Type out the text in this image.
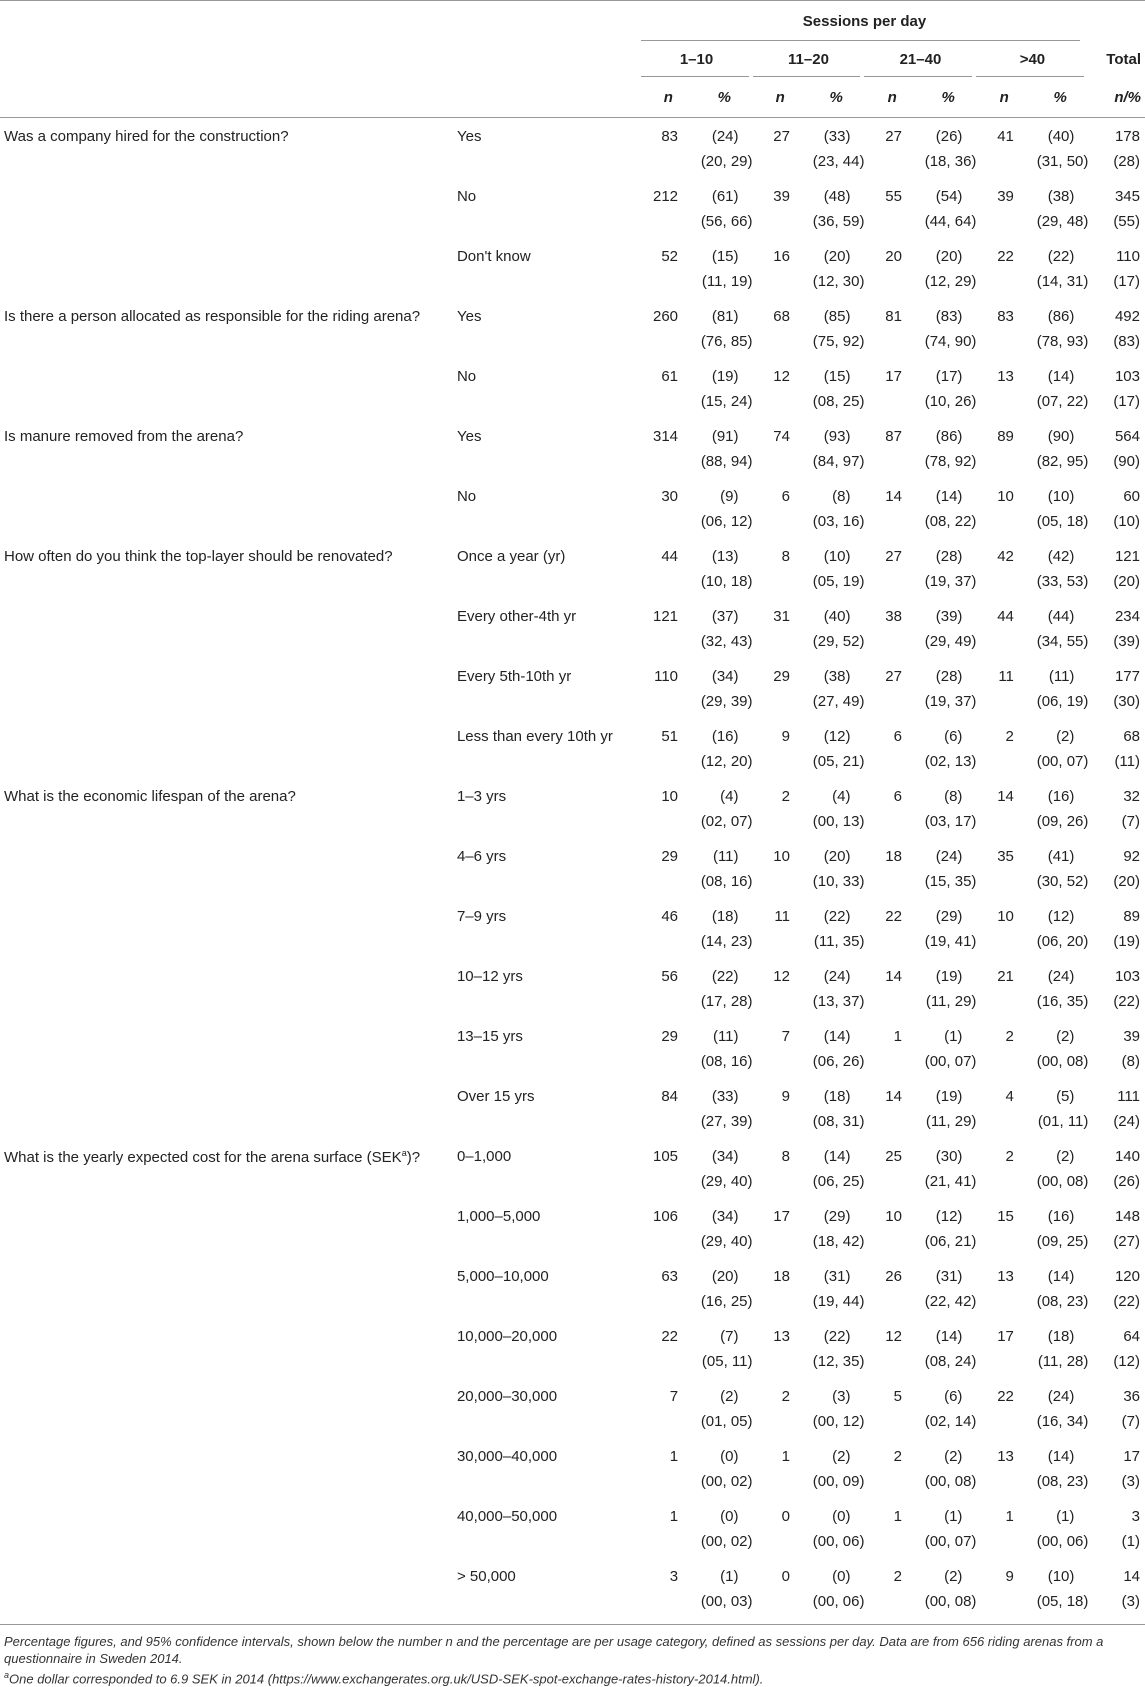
		Sessions per day								
		1–10		11–20		21–40		>40		Total
		n	%	n	%	n	%	n	%	n/%
Was a company hired for the construction?	Yes	83	(24)	27	(33)	27	(26)	41	(40)	178
		(20, 29)		(23, 44)		(18, 36)		(31, 50)		(28)
	No	212	(61)	39	(48)	55	(54)	39	(38)	345
		(56, 66)		(36, 59)		(44, 64)		(29, 48)		(55)
	Don't know	52	(15)	16	(20)	20	(20)	22	(22)	110
		(11, 19)		(12, 30)		(12, 29)		(14, 31)		(17)
Is there a person allocated as responsible for the riding arena?	Yes	260	(81)	68	(85)	81	(83)	83	(86)	492
		(76, 85)		(75, 92)		(74, 90)		(78, 93)		(83)
	No	61	(19)	12	(15)	17	(17)	13	(14)	103
		(15, 24)		(08, 25)		(10, 26)		(07, 22)		(17)
Is manure removed from the arena?	Yes	314	(91)	74	(93)	87	(86)	89	(90)	564
		(88, 94)		(84, 97)		(78, 92)		(82, 95)		(90)
	No	30	(9)	6	(8)	14	(14)	10	(10)	60
		(06, 12)		(03, 16)		(08, 22)		(05, 18)		(10)
How often do you think the top-layer should be renovated?	Once a year (yr)	44	(13)	8	(10)	27	(28)	42	(42)	121
		(10, 18)		(05, 19)		(19, 37)		(33, 53)		(20)
	Every other-4th yr	121	(37)	31	(40)	38	(39)	44	(44)	234
		(32, 43)		(29, 52)		(29, 49)		(34, 55)		(39)
	Every 5th-10th yr	110	(34)	29	(38)	27	(28)	11	(11)	177
		(29, 39)		(27, 49)		(19, 37)		(06, 19)		(30)
	Less than every 10th yr	51	(16)	9	(12)	6	(6)	2	(2)	68
		(12, 20)		(05, 21)		(02, 13)		(00, 07)		(11)
What is the economic lifespan of the arena?	1–3 yrs	10	(4)	2	(4)	6	(8)	14	(16)	32
		(02, 07)		(00, 13)		(03, 17)		(09, 26)		(7)
	4–6 yrs	29	(11)	10	(20)	18	(24)	35	(41)	92
		(08, 16)		(10, 33)		(15, 35)		(30, 52)		(20)
	7–9 yrs	46	(18)	11	(22)	22	(29)	10	(12)	89
		(14, 23)		(11, 35)		(19, 41)		(06, 20)		(19)
	10–12 yrs	56	(22)	12	(24)	14	(19)	21	(24)	103
		(17, 28)		(13, 37)		(11, 29)		(16, 35)		(22)
	13–15 yrs	29	(11)	7	(14)	1	(1)	2	(2)	39
		(08, 16)		(06, 26)		(00, 07)		(00, 08)		(8)
	Over 15 yrs	84	(33)	9	(18)	14	(19)	4	(5)	111
		(27, 39)		(08, 31)		(11, 29)		(01, 11)		(24)
What is the yearly expected cost for the arena surface (SEK$^a$)?	0–1,000	105	(34)	8	(14)	25	(30)	2	(2)	140
		(29, 40)		(06, 25)		(21, 41)		(00, 08)		(26)
	1,000–5,000	106	(34)	17	(29)	10	(12)	15	(16)	148
		(29, 40)		(18, 42)		(06, 21)		(09, 25)		(27)
	5,000–10,000	63	(20)	18	(31)	26	(31)	13	(14)	120
		(16, 25)		(19, 44)		(22, 42)		(08, 23)		(22)
	10,000–20,000	22	(7)	13	(22)	12	(14)	17	(18)	64
		(05, 11)		(12, 35)		(08, 24)		(11, 28)		(12)
	20,000–30,000	7	(2)	2	(3)	5	(6)	22	(24)	36
		(01, 05)		(00, 12)		(02, 14)		(16, 34)		(7)
	30,000–40,000	1	(0)	1	(2)	2	(2)	13	(14)	17
		(00, 02)		(00, 09)		(00, 08)		(08, 23)		(3)
	40,000–50,000	1	(0)	0	(0)	1	(1)	1	(1)	3
		(00, 02)		(00, 06)		(00, 07)		(00, 06)		(1)
	> 50,000	3	(1)	0	(0)	2	(2)	9	(10)	14
		(00, 03)		(00, 06)		(00, 08)		(05, 18)		(3)
Percentage figures, and 95% confidence intervals, shown below the number n and the percentage are per usage category, defined as sessions per day. Data are from 656 riding arenas from a questionnaire in Sweden 2014.
$^a$One dollar corresponded to 6.9 SEK in 2014 (https://www.exchangerates.org.uk/USD-SEK-spot-exchange-rates-history-2014.html).
